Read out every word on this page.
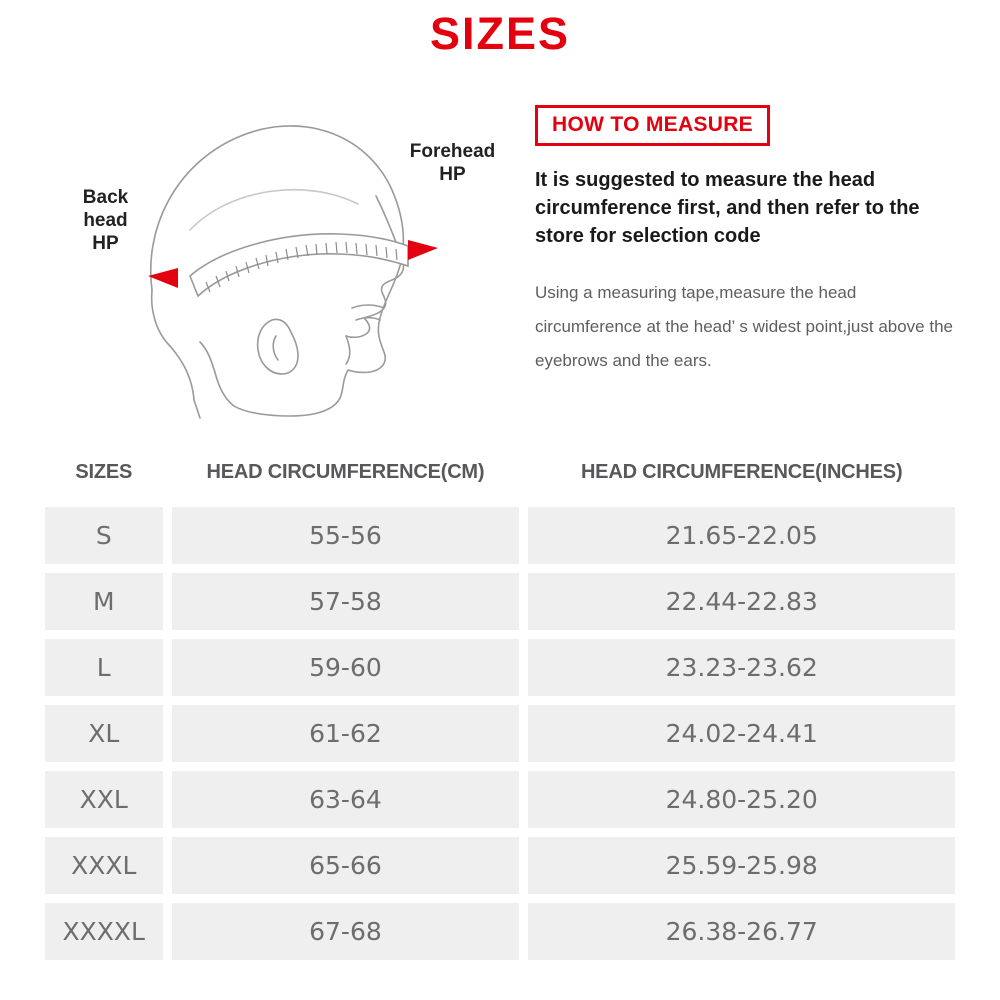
SIZES
Back
head
HP
Forehead
HP
HOW TO MEASURE
It is suggested to measure the head circumference first, and then refer to the store for selection code
Using a measuring tape,measure the head circumference at the head’ s widest point,just above the eyebrows and the ears.
SIZES		HEAD CIRCUMFERENCE(CM)		HEAD CIRCUMFERENCE(INCHES)
S		55-56		21.65-22.05
M		57-58		22.44-22.83
L		59-60		23.23-23.62
XL		61-62		24.02-24.41
XXL		63-64		24.80-25.20
XXXL		65-66		25.59-25.98
XXXXL		67-68		26.38-26.77
